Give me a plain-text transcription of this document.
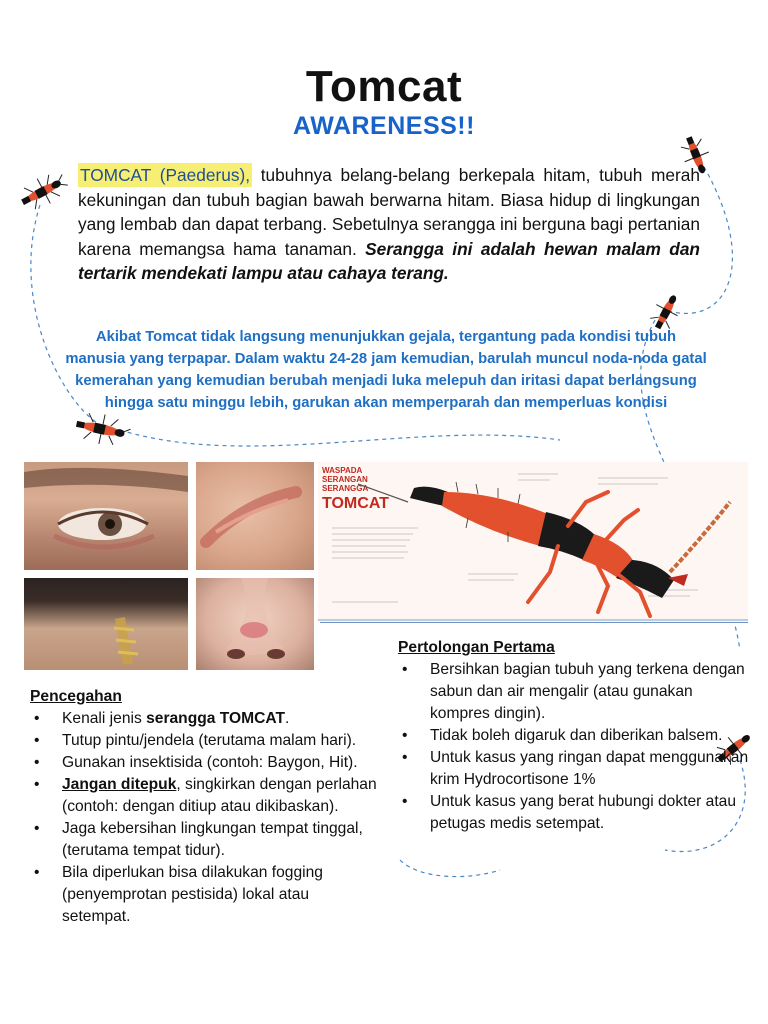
Tomcat
AWARENESS!!
TOMCAT (Paederus), tubuhnya belang-belang berkepala hitam, tubuh merah kekuningan dan tubuh bagian bawah berwarna hitam. Biasa hidup di lingkungan yang lembab dan dapat terbang. Sebetulnya serangga ini berguna bagi pertanian karena memangsa hama tanaman. Serangga ini adalah hewan malam dan tertarik mendekati lampu atau cahaya terang.
Akibat Tomcat tidak langsung menunjukkan gejala, tergantung pada kondisi tubuh manusia yang terpapar. Dalam waktu 24-28 jam kemudian, barulah muncul noda-noda gatal kemerahan yang kemudian berubah menjadi luka melepuh dan iritasi dapat berlangsung hingga satu minggu lebih, garukan akan memperparah dan memperluas kondisi
WASPADA
SERANGAN
SERANGGA
TOMCAT
Pencegahan
• Kenali jenis serangga TOMCAT.
• Tutup pintu/jendela (terutama malam hari).
• Gunakan insektisida (contoh: Baygon, Hit).
• Jangan ditepuk, singkirkan dengan perlahan (contoh: dengan ditiup atau dikibaskan).
• Jaga kebersihan lingkungan tempat tinggal, (terutama tempat tidur).
• Bila diperlukan bisa dilakukan fogging (penyemprotan pestisida) lokal atau setempat.
Pertolongan Pertama
• Bersihkan bagian tubuh yang terkena dengan sabun dan air mengalir (atau gunakan kompres dingin).
• Tidak boleh digaruk dan diberikan balsem.
• Untuk kasus yang ringan dapat menggunakan krim Hydrocortisone 1%
• Untuk kasus yang berat hubungi dokter atau petugas medis setempat.
